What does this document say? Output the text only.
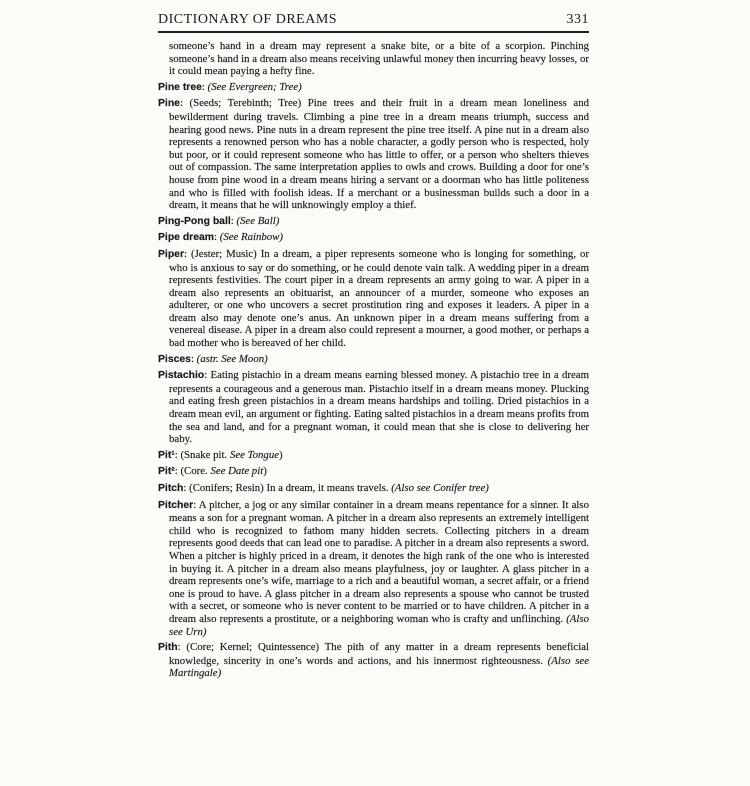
DICTIONARY OF DREAMS	331

someone’s hand in a dream may represent a snake bite, or a bite of a scorpion. Pinching someone’s hand in a dream also means receiving unlawful money then incurring heavy losses, or it could mean paying a hefty fine.

Pine tree: (See Evergreen; Tree)

Pine: (Seeds; Terebinth; Tree) Pine trees and their fruit in a dream mean loneliness and bewilderment during travels. Climbing a pine tree in a dream means triumph, success and hearing good news. Pine nuts in a dream represent the pine tree itself. A pine nut in a dream also represents a renowned person who has a noble character, a godly person who is respected, holy but poor, or it could represent someone who has little to offer, or a person who shelters thieves out of compassion. The same interpretation applies to owls and crows. Building a door for one’s house from pine wood in a dream means hiring a servant or a doorman who has little politeness and who is filled with foolish ideas. If a merchant or a businessman builds such a door in a dream, it means that he will unknowingly employ a thief.

Ping-Pong ball: (See Ball)

Pipe dream: (See Rainbow)

Piper: (Jester; Music) In a dream, a piper represents someone who is longing for something, or who is anxious to say or do something, or he could denote vain talk. A wedding piper in a dream represents festivities. The court piper in a dream represents an army going to war. A piper in a dream also represents an obituarist, an announcer of a murder, someone who exposes an adulterer, or one who uncovers a secret prostitution ring and exposes it leaders. A piper in a dream also may denote one’s anus. An unknown piper in a dream means suffering from a venereal disease. A piper in a dream also could represent a mourner, a good mother, or perhaps a bad mother who is bereaved of her child.

Pisces: (astr. See Moon)

Pistachio: Eating pistachio in a dream means earning blessed money. A pistachio tree in a dream represents a courageous and a generous man. Pistachio itself in a dream means money. Plucking and eating fresh green pistachios in a dream means hardships and toiling. Dried pistachios in a dream mean evil, an argument or fighting. Eating salted pistachios in a dream means profits from the sea and land, and for a pregnant woman, it could mean that she is close to delivering her baby.

Pit¹: (Snake pit. See Tongue)

Pit²: (Core. See Date pit)

Pitch: (Conifers; Resin) In a dream, it means travels. (Also see Conifer tree)

Pitcher: A pitcher, a jog or any similar container in a dream means repentance for a sinner. It also means a son for a pregnant woman. A pitcher in a dream also represents an extremely intelligent child who is recognized to fathom many hidden secrets. Collecting pitchers in a dream represents good deeds that can lead one to paradise. A pitcher in a dream also represents a sword. When a pitcher is highly priced in a dream, it denotes the high rank of the one who is interested in buying it. A pitcher in a dream also means playfulness, joy or laughter. A glass pitcher in a dream represents one’s wife, marriage to a rich and a beautiful woman, a secret affair, or a friend one is proud to have. A glass pitcher in a dream also represents a spouse who cannot be trusted with a secret, or someone who is never content to be married or to have children. A pitcher in a dream also represents a prostitute, or a neighboring woman who is crafty and unflinching. (Also see Urn)

Pith: (Core; Kernel; Quintessence) The pith of any matter in a dream represents beneficial knowledge, sincerity in one’s words and actions, and his innermost righteousness. (Also see Martingale)
